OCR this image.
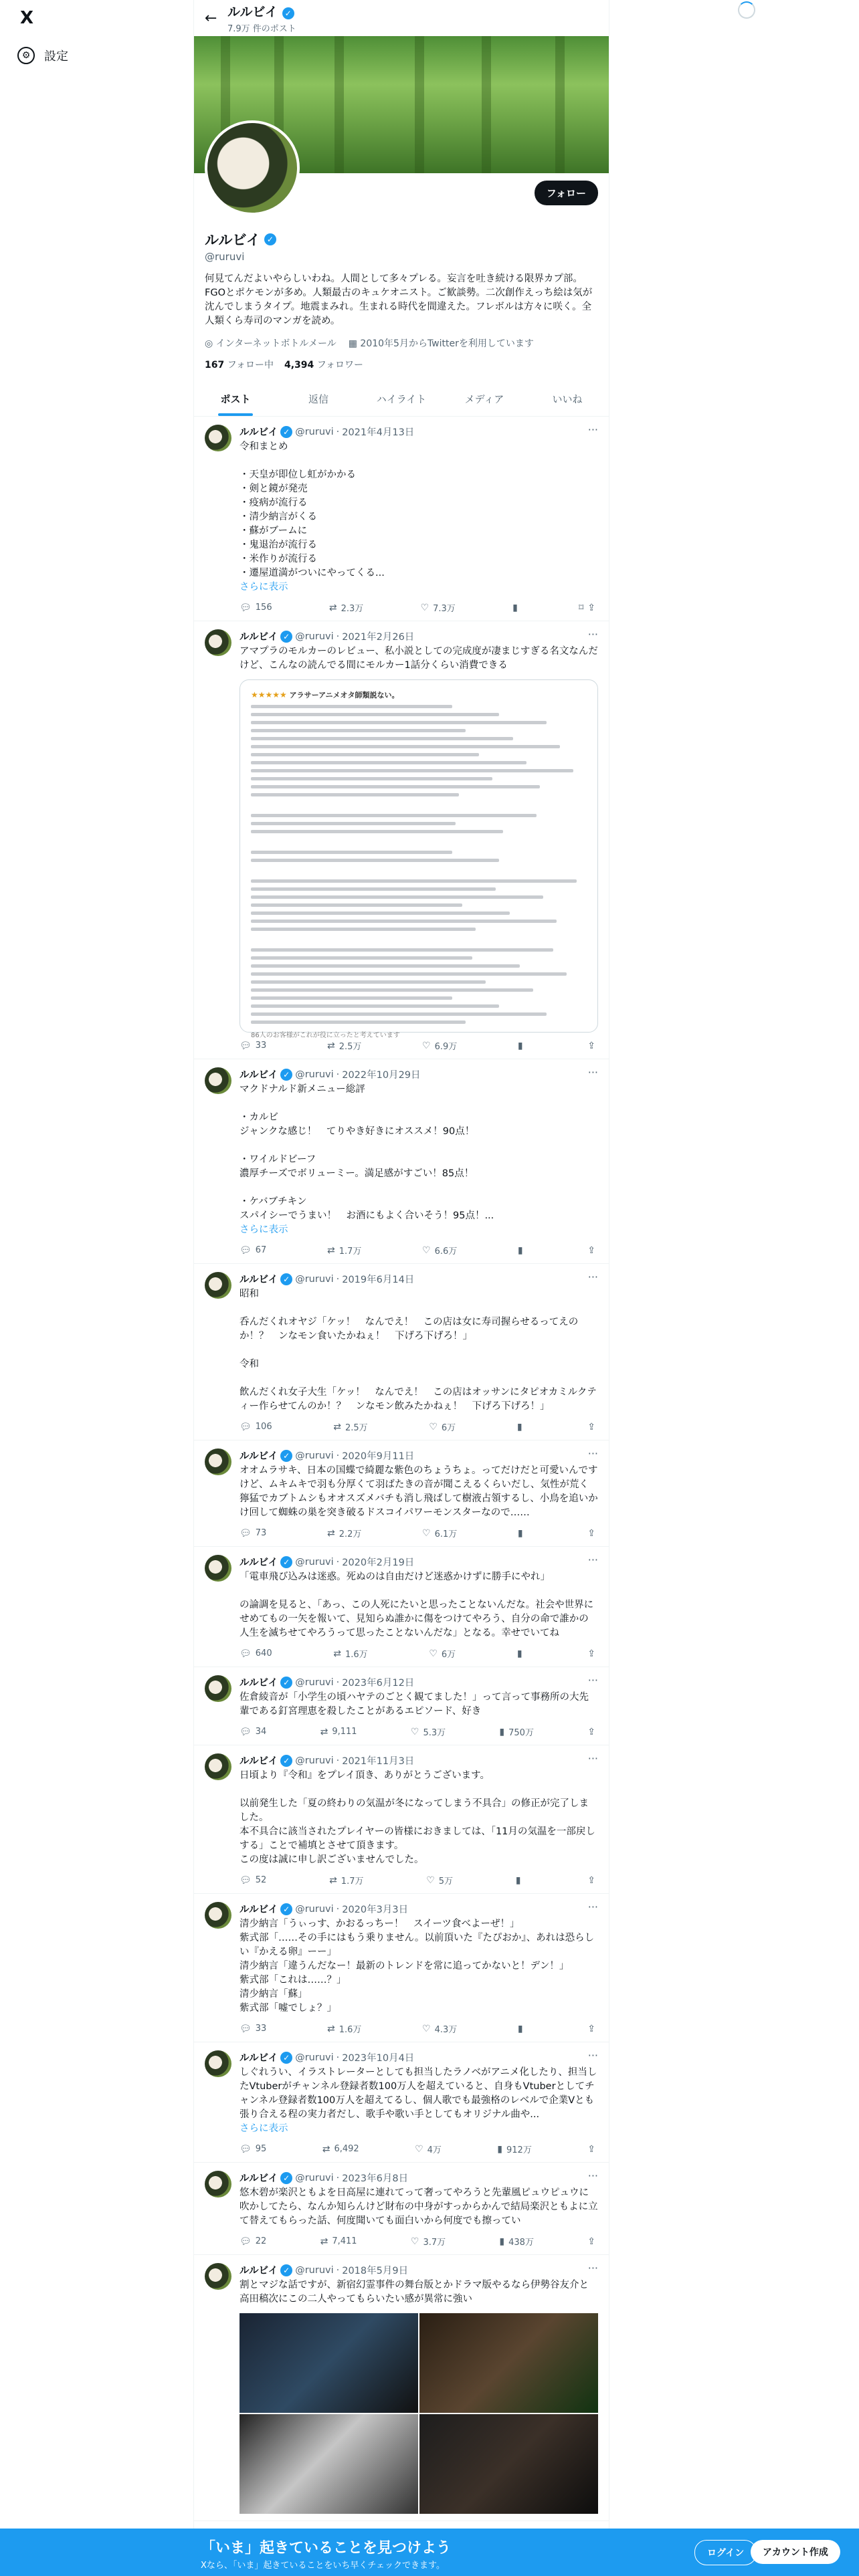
X
⚙	設定
← ルルビイ ✓
7.9万 件のポスト
フォロー
ルルビイ ✓
@ruruvi
何見てんだよいやらしいわね。人間として多々プレる。妄言を吐き続ける限界カプ部。FGOとポケモンが多め。人類最古のキュケオニスト。ご歓談勢。二次創作えっち絵は気が沈んでしまうタイプ。地震まみれ。生まれる時代を間違えた。フレボルは方々に咲く。全人類くら寿司のマンガを読め。
◎ インターネットボトルメール ▦ 2010年5月からTwitterを利用しています
167 フォロー中 4,394 フォロワー
ポスト	返信	ハイライト	メディア	いいね
ルルビイ ✓ @ruruvi · 2021年4月13日
令和まとめ

・天皇が即位し虹がかかる
・剣と鏡が発売
・疫病が流行る
・清少納言がくる
・蘇がブームに
・鬼退治が流行る
・米作りが流行る
・遷屋道満がついにやってくる...
さらに表示
💬︎ 156	⇄ 2.3万	♡ 7.3万	▮	⌑ ⇪
···
ルルビイ ✓ @ruruvi · 2021年2月26日
アマプラのモルカーのレビュー、私小説としての完成度が凄まじすぎる名文なんだけど、こんなの読んでる間にモルカー1話分くらい消費できる
★★★★★ アラサーアニメオタ師類説ない。
86人のお客様がこれが役に立ったと考えています
💬︎ 33	⇄ 2.5万	♡ 6.9万	▮	⇪
···
ルルビイ ✓ @ruruvi · 2022年10月29日
マクドナルド新メニュー総評

・カルビ
ジャンクな感じ！　てりやき好きにオススメ！90点！

・ワイルドビーフ
濃厚チーズでボリューミー。満足感がすごい！85点！

・ケバブチキン
スパイシーでうまい！　お酒にもよく合いそう！95点！...
さらに表示
💬︎ 67	⇄ 1.7万	♡ 6.6万	▮	⇪
···
ルルビイ ✓ @ruruvi · 2019年6月14日
昭和

呑んだくれオヤジ「ケッ！　なんでえ！　この店は女に寿司握らせるってえのか！？　ンなモン食いたかねぇ！　下げろ下げろ！」

令和

飲んだくれ女子大生「ケッ！　なんでえ！　この店はオッサンにタピオカミルクティー作らせてんのか！？　ンなモン飲みたかねぇ！　下げろ下げろ！」
💬︎ 106	⇄ 2.5万	♡ 6万	▮	⇪
···
ルルビイ ✓ @ruruvi · 2020年9月11日
オオムラサキ、日本の国蝶で綺麗な紫色のちょうちょ。ってだけだと可愛いんですけど、ムキムキで羽も分厚くて羽ばたきの音が聞こえるくらいだし、気性が荒く獰猛でカブトムシもオオスズメバチも消し飛ばして樹液占領するし、小鳥を追いかけ回して蜘蛛の巣を突き破るドスコイパワーモンスターなので……
💬︎ 73	⇄ 2.2万	♡ 6.1万	▮	⇪
···
ルルビイ ✓ @ruruvi · 2020年2月19日
「電車飛び込みは迷惑。死ぬのは自由だけど迷惑かけずに勝手にやれ」

の論調を見ると、「あっ、この人死にたいと思ったことないんだな。社会や世界にせめてもの一矢を報いて、見知らぬ誰かに傷をつけてやろう、自分の命で誰かの人生を滅ちせてやろうって思ったことないんだな」となる。幸せでいてね
💬︎ 640	⇄ 1.6万	♡ 6万	▮	⇪
···
ルルビイ ✓ @ruruvi · 2023年6月12日
佐倉綾音が「小学生の頃ハヤテのごとく観てました！」って言って事務所の大先輩である釘宮理恵を殺したことがあるエピソード、好き
💬︎ 34	⇄ 9,111	♡ 5.3万	▮ 750万	⇪
···
ルルビイ ✓ @ruruvi · 2021年11月3日
日頃より『令和』をプレイ頂き、ありがとうございます。

以前発生した「夏の終わりの気温が冬になってしまう不具合」の修正が完了しました。
本不具合に該当されたプレイヤーの皆様におきましては、「11月の気温を一部戻しする」ことで補填とさせて頂きます。
この度は誠に申し訳ございませんでした。
💬︎ 52	⇄ 1.7万	♡ 5万	▮	⇪
···
ルルビイ ✓ @ruruvi · 2020年3月3日
清少納言「うぃっす、かおるっちー！　スイーツ食べよーぜ！」
紫式部「……その手にはもう乗りません。以前頂いた『たぴおか』、あれは恐らしい『かえる卵』ーー」
清少納言「違うんだなー！最新のトレンドを常に追ってかないと！デン！」
紫式部「これは……？」
清少納言「蘇」
紫式部「嘘でしょ？」
💬︎ 33	⇄ 1.6万	♡ 4.3万	▮	⇪
···
ルルビイ ✓ @ruruvi · 2023年10月4日
しぐれうい、イラストレーターとしても担当したラノベがアニメ化したり、担当したVtuberがチャンネル登録者数100万人を超えていると、自身もVtuberとしてチャンネル登録者数100万人を超えてるし、個人歌でも最強格のレベルで企業Vとも張り合える程の実力者だし、歌手や歌い手としてもオリジナル曲や...
さらに表示
💬︎ 95	⇄ 6,492	♡ 4万	▮ 912万	⇪
···
ルルビイ ✓ @ruruvi · 2023年6月8日
悠木碧が楽沢ともよを日高屋に連れてって奢ってやろうと先輩風ピュウピュウに吹かしてたら、なんか知らんけど財布の中身がすっからかんで結局楽沢ともよに立て替えてもらった話、何度聞いても面白いから何度でも擦ってい
💬︎ 22	⇄ 7,411	♡ 3.7万	▮ 438万	⇪
···
ルルビイ ✓ @ruruvi · 2018年5月9日
割とマジな話ですが、新宿幻霊事件の舞台版とかドラマ版やるなら伊勢谷友介と高田稿次にこの二人やってもらいたい感が異常に強い
···
「いま」起きていることを見つけよう
Xなら、「いま」起きていることをいち早くチェックできます。
ログイン	アカウント作成
